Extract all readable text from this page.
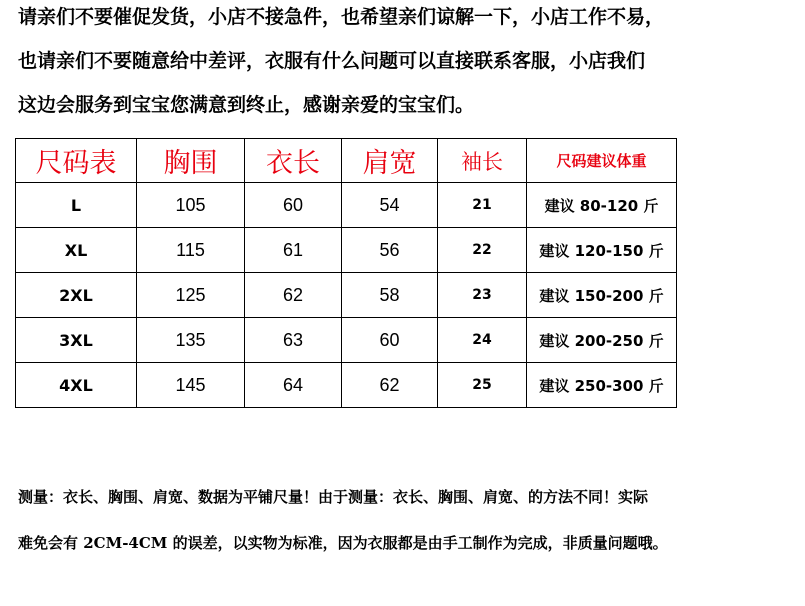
请亲们不要催促发货，小店不接急件，也希望亲们谅解一下，小店工作不易，
也请亲们不要随意给中差评，衣服有什么问题可以直接联系客服，小店我们
这边会服务到宝宝您满意到终止，感谢亲爱的宝宝们。
尺码表	胸围	衣长	肩宽	袖长	尺码建议体重
L	105	60	54	21	建议 80-120 斤
XL	115	61	56	22	建议 120-150 斤
2XL	125	62	58	23	建议 150-200 斤
3XL	135	63	60	24	建议 200-250 斤
4XL	145	64	62	25	建议 250-300 斤
测量：衣长、胸围、肩宽、数据为平铺尺量！由于测量：衣长、胸围、肩宽、的方法不同！实际
难免会有 2CM-4CM 的误差，以实物为标准，因为衣服都是由手工制作为完成，非质量问题哦。
